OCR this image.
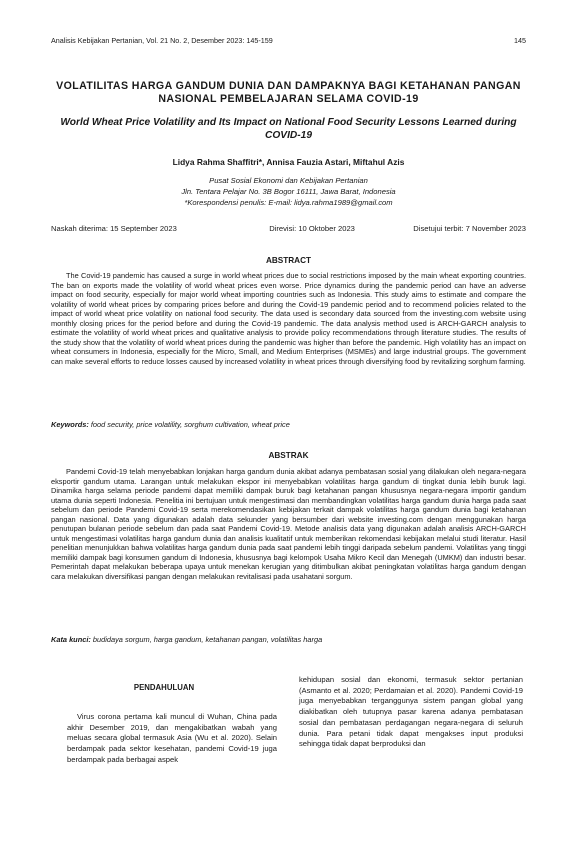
Analisis Kebijakan Pertanian, Vol. 21 No. 2, Desember 2023: 145-159	145

VOLATILITAS HARGA GANDUM DUNIA DAN DAMPAKNYA BAGI KETAHANAN PANGAN NASIONAL PEMBELAJARAN SELAMA COVID-19

World Wheat Price Volatility and Its Impact on National Food Security Lessons Learned during COVID-19

Lidya Rahma Shaffitri*, Annisa Fauzia Astari, Miftahul Azis

Pusat Sosial Ekonomi dan Kebijakan Pertanian
Jln. Tentara Pelajar No. 3B Bogor 16111, Jawa Barat, Indonesia
*Korespondensi penulis: E-mail: lidya.rahma1989@gmail.com
Naskah diterima: 15 September 2023	Direvisi: 10 Oktober 2023	Disetujui terbit: 7 November 2023
ABSTRACT

The Covid-19 pandemic has caused a surge in world wheat prices due to social restrictions imposed by the main wheat exporting countries. The ban on exports made the volatility of world wheat prices even worse. Price dynamics during the pandemic period can have an adverse impact on food security, especially for major world wheat importing countries such as Indonesia. This study aims to estimate and compare the volatility of world wheat prices by comparing prices before and during the Covid-19 pandemic period and to recommend policies related to the impact of world wheat price volatility on national food security. The data used is secondary data sourced from the investing.com website using monthly closing prices for the period before and during the Covid-19 pandemic. The data analysis method used is ARCH-GARCH analysis to estimate the volatility of world wheat prices and qualitative analysis to provide policy recommendations through literature studies. The results of the study show that the volatility of world wheat prices during the pandemic was higher than before the pandemic. High volatility has an impact on wheat consumers in Indonesia, especially for the Micro, Small, and Medium Enterprises (MSMEs) and large industrial groups. The government can make several efforts to reduce losses caused by increased volatility in wheat prices through diversifying food by revitalizing sorghum farming.

Keywords: food security, price volatility, sorghum cultivation, wheat price
ABSTRAK

Pandemi Covid-19 telah menyebabkan lonjakan harga gandum dunia akibat adanya pembatasan sosial yang dilakukan oleh negara-negara eksportir gandum utama. Larangan untuk melakukan ekspor ini menyebabkan volatilitas harga gandum di tingkat dunia lebih buruk lagi. Dinamika harga selama periode pandemi dapat memiliki dampak buruk bagi ketahanan pangan khususnya negara-negara importir gandum utama dunia seperti Indonesia. Penelitia ini bertujuan untuk mengestimasi dan membandingkan volatilitas harga gandum dunia harga pada saat sebelum dan periode Pandemi Covid-19 serta merekomendasikan kebijakan terkait dampak volatilitas harga gandum dunia bagi ketahanan pangan nasional. Data yang digunakan adalah data sekunder yang bersumber dari website investing.com dengan menggunakan harga penutupan bulanan periode sebelum dan pada saat Pandemi Covid-19. Metode analisis data yang digunakan adalah analisis ARCH-GARCH untuk mengestimasi volatilitas harga gandum dunia dan analisis kualitatif untuk memberikan rekomendasi kebijakan melalui studi literatur. Hasil penelitian menunjukkan bahwa volatilitas harga gandum dunia pada saat pandemi lebih tinggi daripada sebelum pandemi. Volatilitas yang tinggi memiliki dampak bagi konsumen gandum di Indonesia, khususnya bagi kelompok Usaha Mikro Kecil dan Menegah (UMKM) dan industri besar. Pemerintah dapat melakukan beberapa upaya untuk menekan kerugian yang ditimbulkan akibat peningkatan volatilitas harga gandum dengan cara melakukan diversifikasi pangan dengan melakukan revitalisasi pada usahatani sorgum.

Kata kunci: budidaya sorgum, harga gandum, ketahanan pangan, volatilitas harga
PENDAHULUAN
Virus corona pertama kali muncul di Wuhan, China pada akhir Desember 2019, dan mengakibatkan wabah yang meluas secara global termasuk Asia (Wu et al. 2020). Selain berdampak pada sektor kesehatan, pandemi Covid-19 juga berdampak pada berbagai aspek
kehidupan sosial dan ekonomi, termasuk sektor pertanian (Asmanto et al. 2020; Perdamaian et al. 2020). Pandemi Covid-19 juga menyebabkan terganggunya sistem pangan global yang diakibatkan oleh tutupnya pasar karena adanya pembatasan sosial dan pembatasan perdagangan negara-negara di seluruh dunia. Para petani tidak dapat mengakses input produksi sehingga tidak dapat berproduksi dan
